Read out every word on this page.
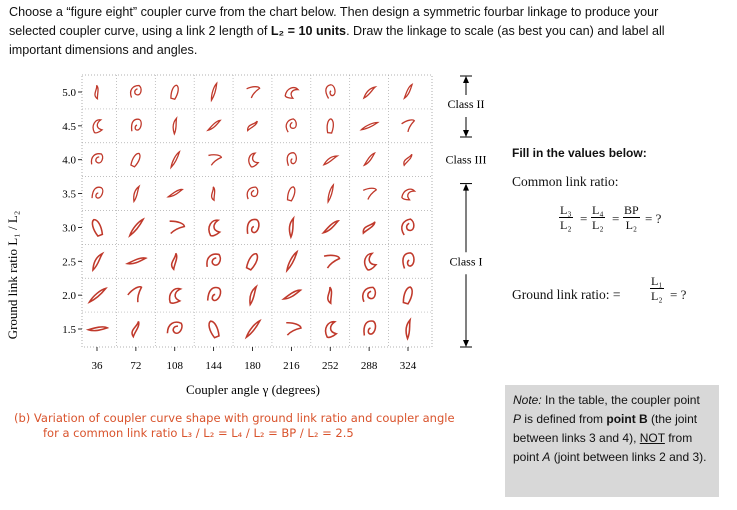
Choose a “figure eight” coupler curve from the chart below. Then design a symmetric fourbar linkage to produce your
selected coupler curve, using a link 2 length of L₂ = 10 units. Draw the linkage to scale (as best you can) and label all
important dimensions and angles.
5.0
4.5
4.0
3.5
3.0
2.5
2.0
1.5
36	72 108 144 180 216 252 288 324
Class II
Class III
Class I
Ground link ratio L₁ / L₂
Coupler angle γ (degrees)
(b) Variation of coupler curve shape with ground link ratio and coupler angle
for a common link ratio L₃ / L₂ = L₄ / L₂ = BP / L₂ = 2.5
Fill in the values below:
Common link ratio:
$\frac{\text{L₃}}{\text{L₂}} = \frac{\text{L₄}}{\text{L₂}} = \frac{BP}{\text{L₂}}$ = ?
Ground link ratio: = $\frac{\text{L₁}}{\text{L₂}}$ = ?
Note: In the table, the coupler point P is defined from point B (the joint between links 3 and 4), NOT from point A (joint between links 2 and 3).
